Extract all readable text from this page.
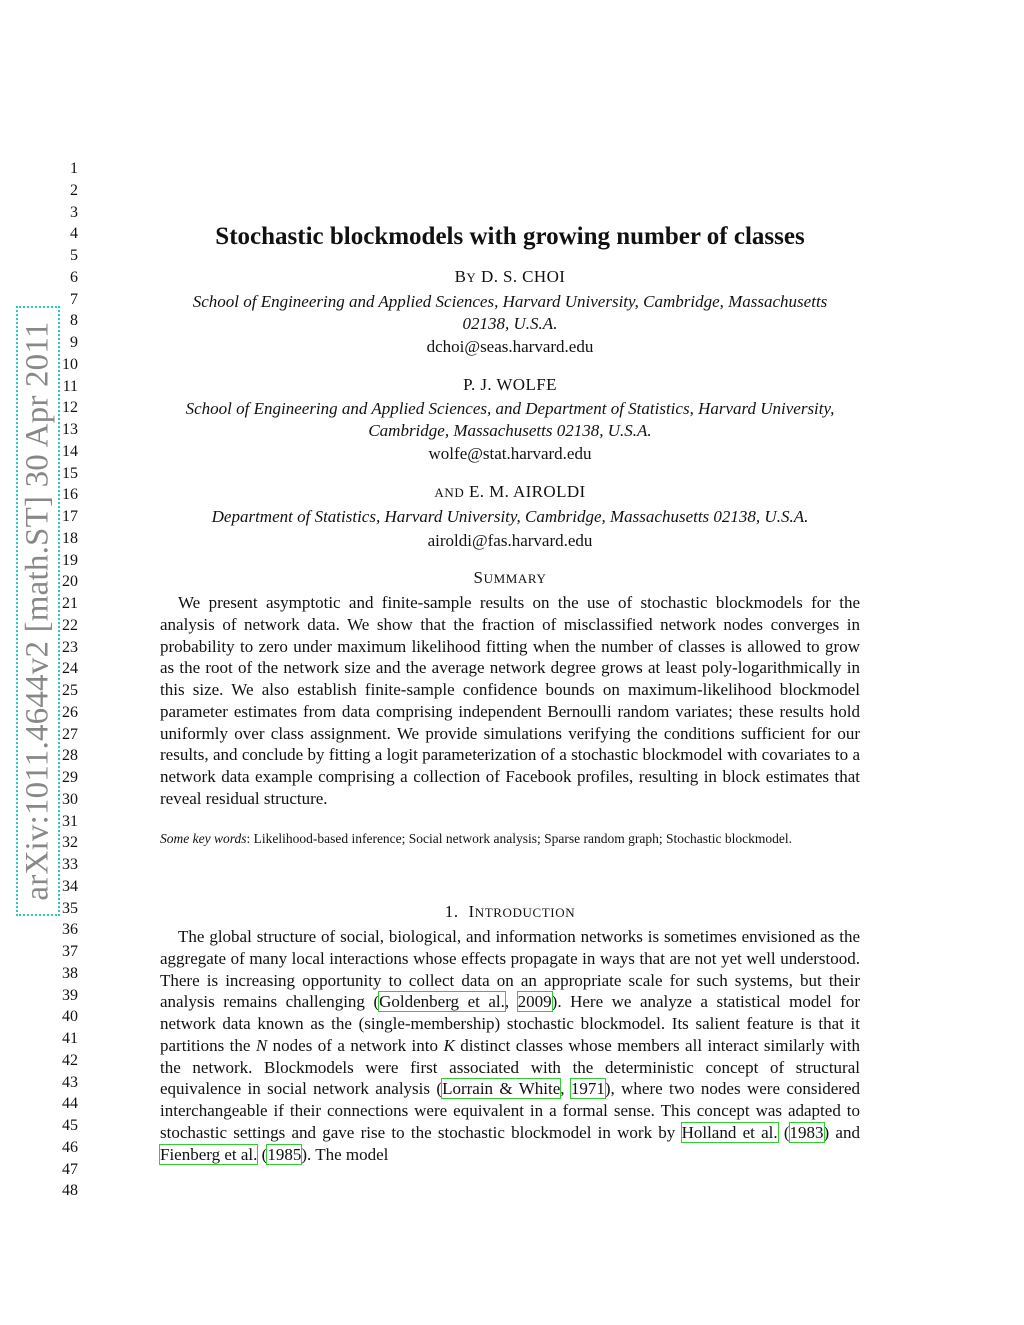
arXiv:1011.4644v2 [math.ST] 30 Apr 2011
1
2
3
4
5
6
7
8
9
10
11
12
13
14
15
16
17
18
19
20
21
22
23
24
25
26
27
28
29
30
31
32
33
34
35
36
37
38
39
40
41
42
43
44
45
46
47
48
Stochastic blockmodels with growing number of classes
BY D. S. CHOI
School of Engineering and Applied Sciences, Harvard University, Cambridge, Massachusetts
02138, U.S.A.
dchoi@seas.harvard.edu
P. J. WOLFE
School of Engineering and Applied Sciences, and Department of Statistics, Harvard University,
Cambridge, Massachusetts 02138, U.S.A.
wolfe@stat.harvard.edu
AND E. M. AIROLDI
Department of Statistics, Harvard University, Cambridge, Massachusetts 02138, U.S.A.
airoldi@fas.harvard.edu
SUMMARY

We present asymptotic and finite-sample results on the use of stochastic blockmodels for the analysis of network data. We show that the fraction of misclassified network nodes converges in probability to zero under maximum likelihood fitting when the number of classes is allowed to grow as the root of the network size and the average network degree grows at least poly-logarithmically in this size. We also establish finite-sample confidence bounds on maximum-likelihood blockmodel parameter estimates from data comprising independent Bernoulli random variates; these results hold uniformly over class assignment. We provide simulations verifying the conditions sufficient for our results, and conclude by fitting a logit parameterization of a stochastic blockmodel with covariates to a network data example comprising a collection of Facebook profiles, resulting in block estimates that reveal residual structure.

Some key words: Likelihood-based inference; Social network analysis; Sparse random graph; Stochastic blockmodel.
1. INTRODUCTION

The global structure of social, biological, and information networks is sometimes envisioned as the aggregate of many local interactions whose effects propagate in ways that are not yet well understood. There is increasing opportunity to collect data on an appropriate scale for such systems, but their analysis remains challenging (Goldenberg et al., 2009). Here we analyze a statistical model for network data known as the (single-membership) stochastic blockmodel. Its salient feature is that it partitions the N nodes of a network into K distinct classes whose members all interact similarly with the network. Blockmodels were first associated with the deterministic concept of structural equivalence in social network analysis (Lorrain & White, 1971), where two nodes were considered interchangeable if their connections were equivalent in a formal sense. This concept was adapted to stochastic settings and gave rise to the stochastic blockmodel in work by Holland et al. (1983) and Fienberg et al. (1985). The model
